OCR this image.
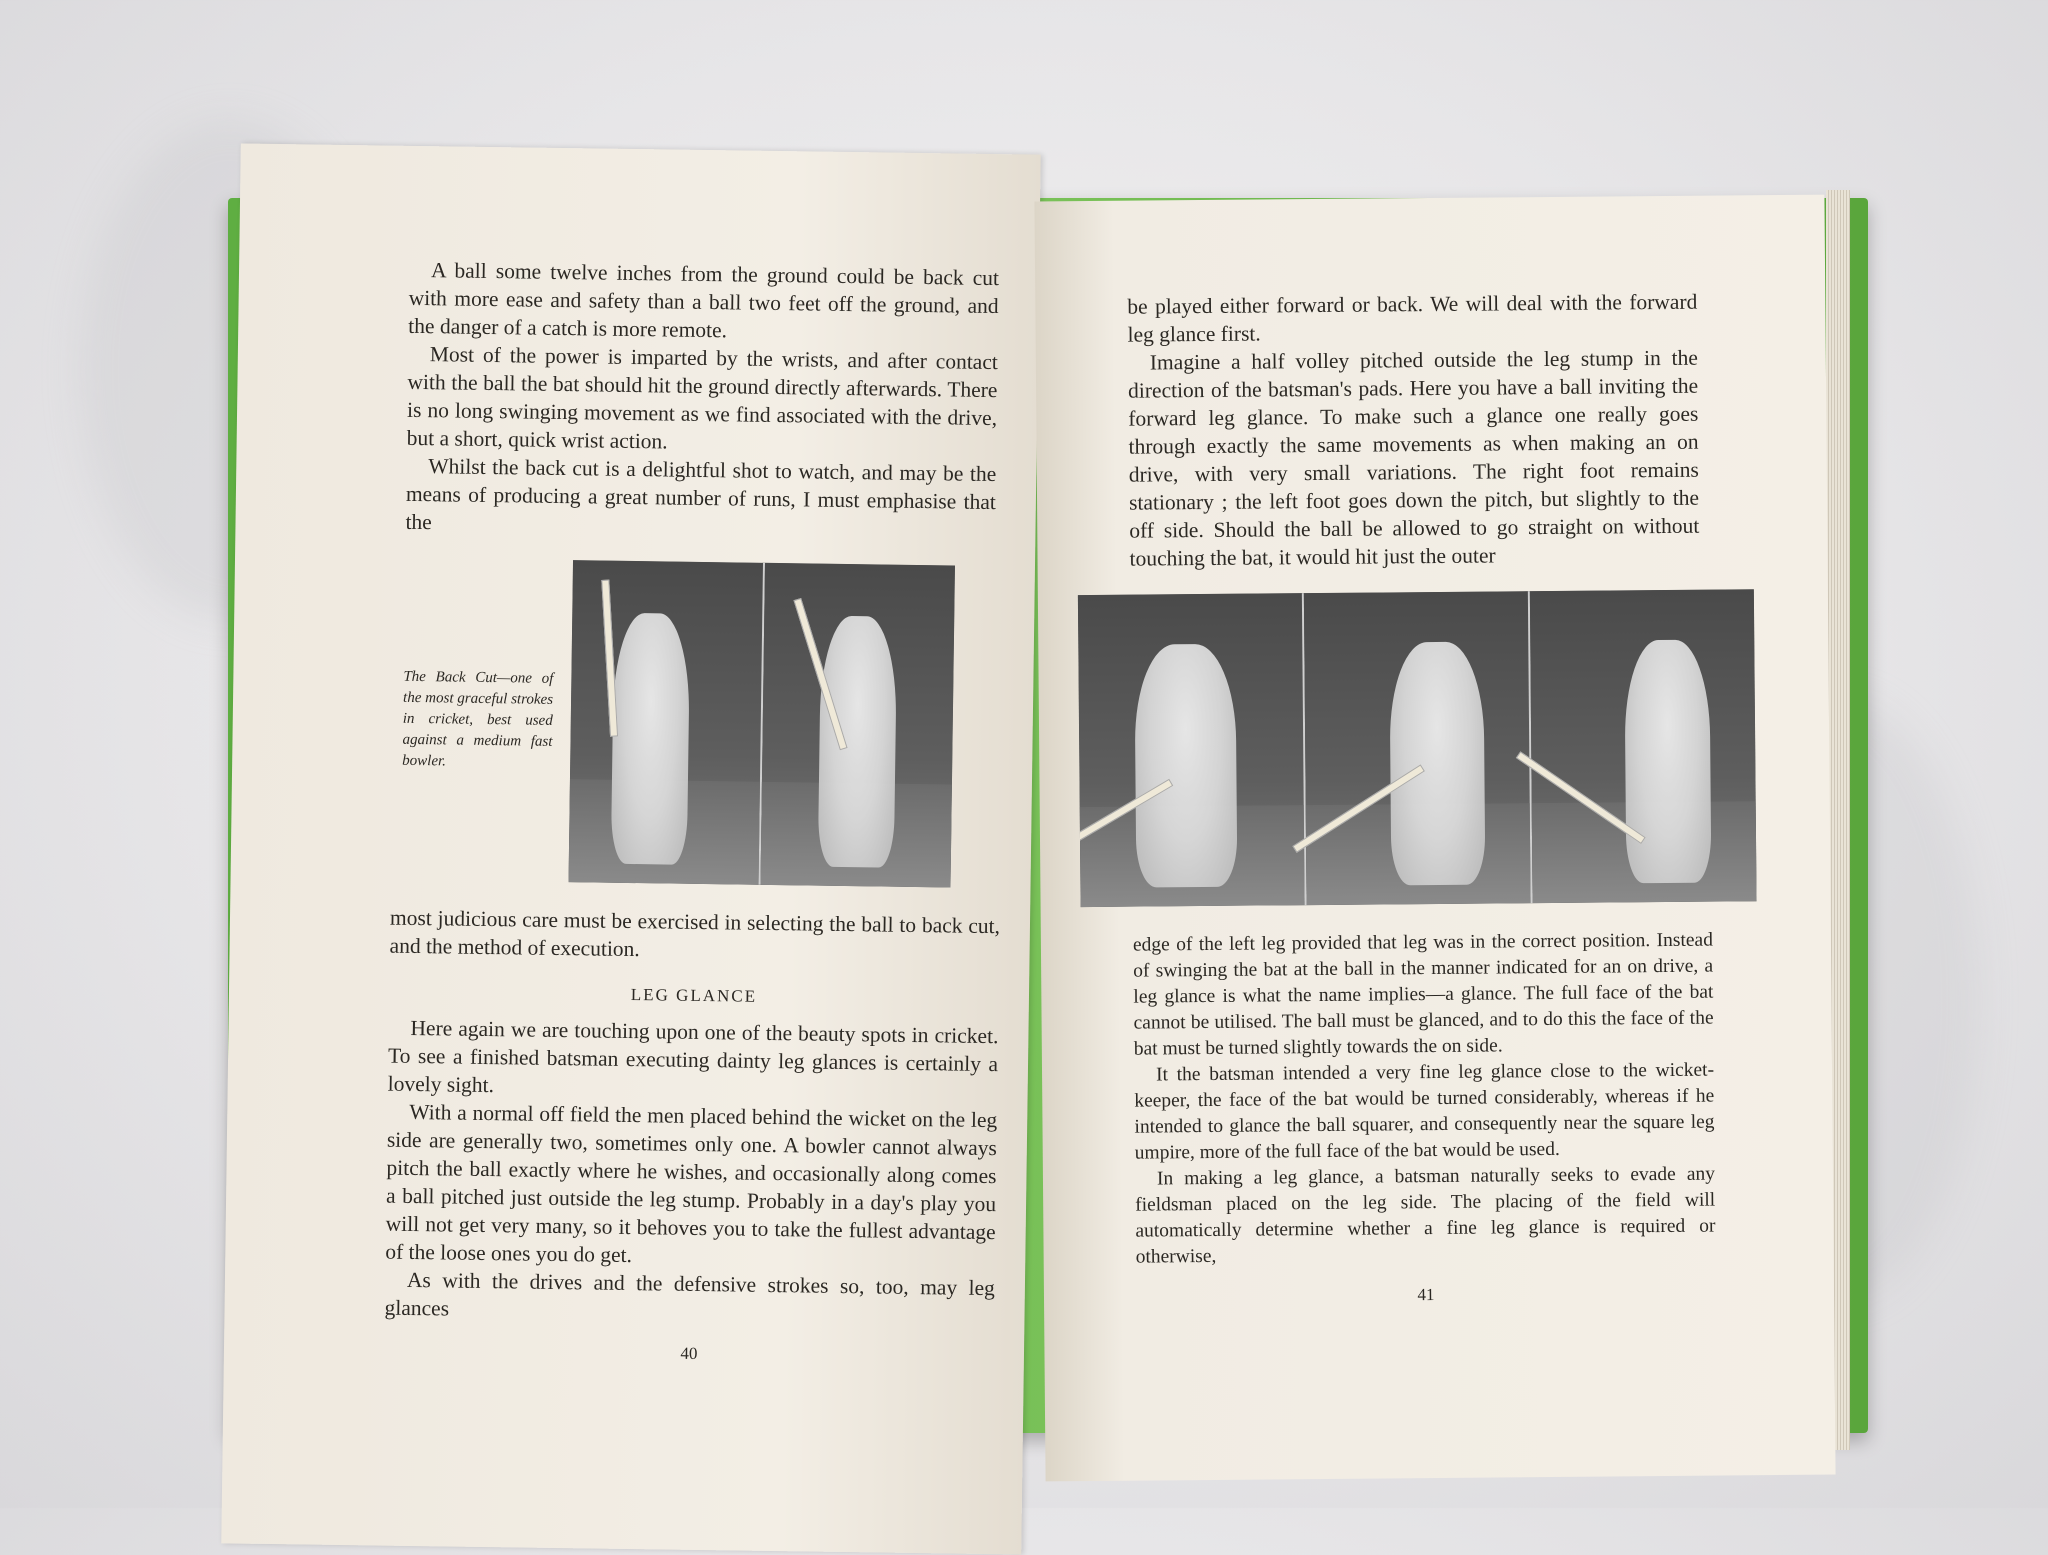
A ball some twelve inches from the ground could be back cut with more ease and safety than a ball two feet off the ground, and the danger of a catch is more remote.

Most of the power is imparted by the wrists, and after contact with the ball the bat should hit the ground directly afterwards. There is no long swinging movement as we find associated with the drive, but a short, quick wrist action.

Whilst the back cut is a delightful shot to watch, and may be the means of producing a great number of runs, I must emphasise that the

The Back Cut—one of the most graceful strokes in cricket, best used against a medium fast bowler.

most judicious care must be exercised in selecting the ball to back cut, and the method of execution.

LEG GLANCE

Here again we are touching upon one of the beauty spots in cricket. To see a finished batsman executing dainty leg glances is certainly a lovely sight.

With a normal off field the men placed behind the wicket on the leg side are generally two, sometimes only one. A bowler cannot always pitch the ball exactly where he wishes, and occasionally along comes a ball pitched just outside the leg stump. Probably in a day's play you will not get very many, so it behoves you to take the fullest advantage of the loose ones you do get.

As with the drives and the defensive strokes so, too, may leg glances

40

be played either forward or back. We will deal with the forward leg glance first.

Imagine a half volley pitched outside the leg stump in the direction of the batsman's pads. Here you have a ball inviting the forward leg glance. To make such a glance one really goes through exactly the same movements as when making an on drive, with very small variations. The right foot remains stationary ; the left foot goes down the pitch, but slightly to the off side. Should the ball be allowed to go straight on without touching the bat, it would hit just the outer

edge of the left leg provided that leg was in the correct position. Instead of swinging the bat at the ball in the manner indicated for an on drive, a leg glance is what the name implies—a glance. The full face of the bat cannot be utilised. The ball must be glanced, and to do this the face of the bat must be turned slightly towards the on side.

It the batsman intended a very fine leg glance close to the wicket-keeper, the face of the bat would be turned considerably, whereas if he intended to glance the ball squarer, and consequently near the square leg umpire, more of the full face of the bat would be used.

In making a leg glance, a batsman naturally seeks to evade any fieldsman placed on the leg side. The placing of the field will automatically determine whether a fine leg glance is required or otherwise,

41
